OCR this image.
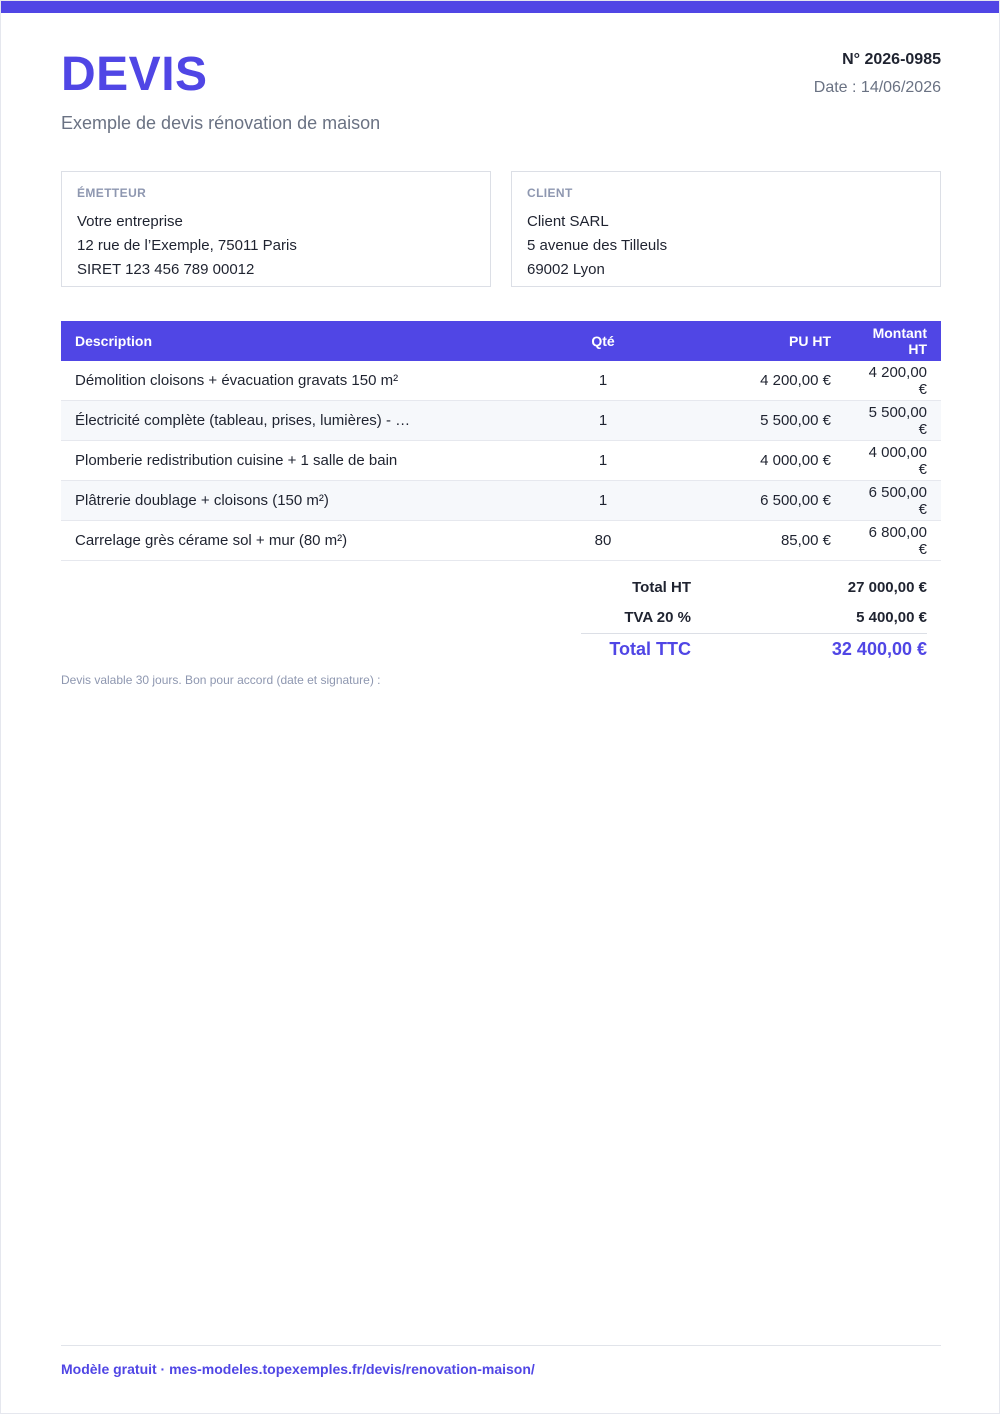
DEVIS
Exemple de devis rénovation de maison
N° 2026-0985
Date : 14/06/2026
ÉMETTEUR
Votre entreprise
12 rue de l’Exemple, 75011 Paris
SIRET 123 456 789 00012
CLIENT
Client SARL
5 avenue des Tilleuls
69002 Lyon
Description	Qté	PU HT	Montant HT
Démolition cloisons + évacuation gravats 150 m²	1	4 200,00 €	4 200,00 €
Électricité complète (tableau, prises, lumières) - …	1	5 500,00 €	5 500,00 €
Plomberie redistribution cuisine + 1 salle de bain	1	4 000,00 €	4 000,00 €
Plâtrerie doublage + cloisons (150 m²)	1	6 500,00 €	6 500,00 €
Carrelage grès cérame sol + mur (80 m²)	80	85,00 €	6 800,00 €
Total HT	27 000,00 €
TVA 20 %	5 400,00 €
Total TTC	32 400,00 €
Devis valable 30 jours. Bon pour accord (date et signature) :
Modèle gratuit · mes-modeles.topexemples.fr/devis/renovation-maison/
